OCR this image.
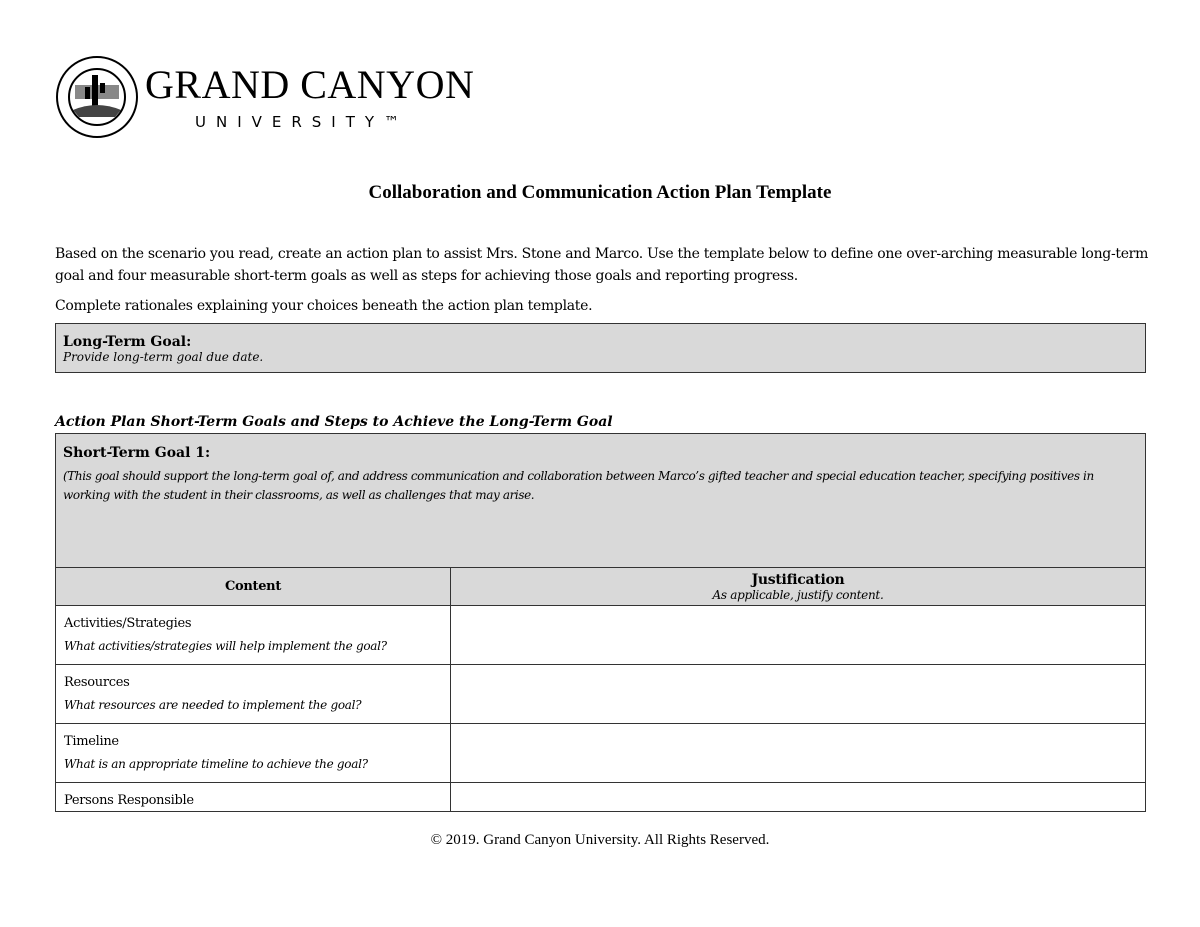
GRAND CANYON
UNIVERSITY™
Collaboration and Communication Action Plan Template
Based on the scenario you read, create an action plan to assist Mrs. Stone and Marco. Use the template below to define one over-arching measurable long-term goal and four measurable short-term goals as well as steps for achieving those goals and reporting progress.
Complete rationales explaining your choices beneath the action plan template.
Long-Term Goal:
Provide long-term goal due date.
Action Plan Short-Term Goals and Steps to Achieve the Long-Term Goal
Short-Term Goal 1:
(This goal should support the long-term goal of, and address communication and collaboration between Marco’s gifted teacher and special education teacher, specifying positives in working with the student in their classrooms, as well as challenges that may arise.
Content	Justification
As applicable, justify content.

Activities/Strategies
What activities/strategies will help implement the goal?	

Resources
What resources are needed to implement the goal?	

Timeline
What is an appropriate timeline to achieve the goal?	

Persons Responsible	

© 2019. Grand Canyon University. All Rights Reserved.
